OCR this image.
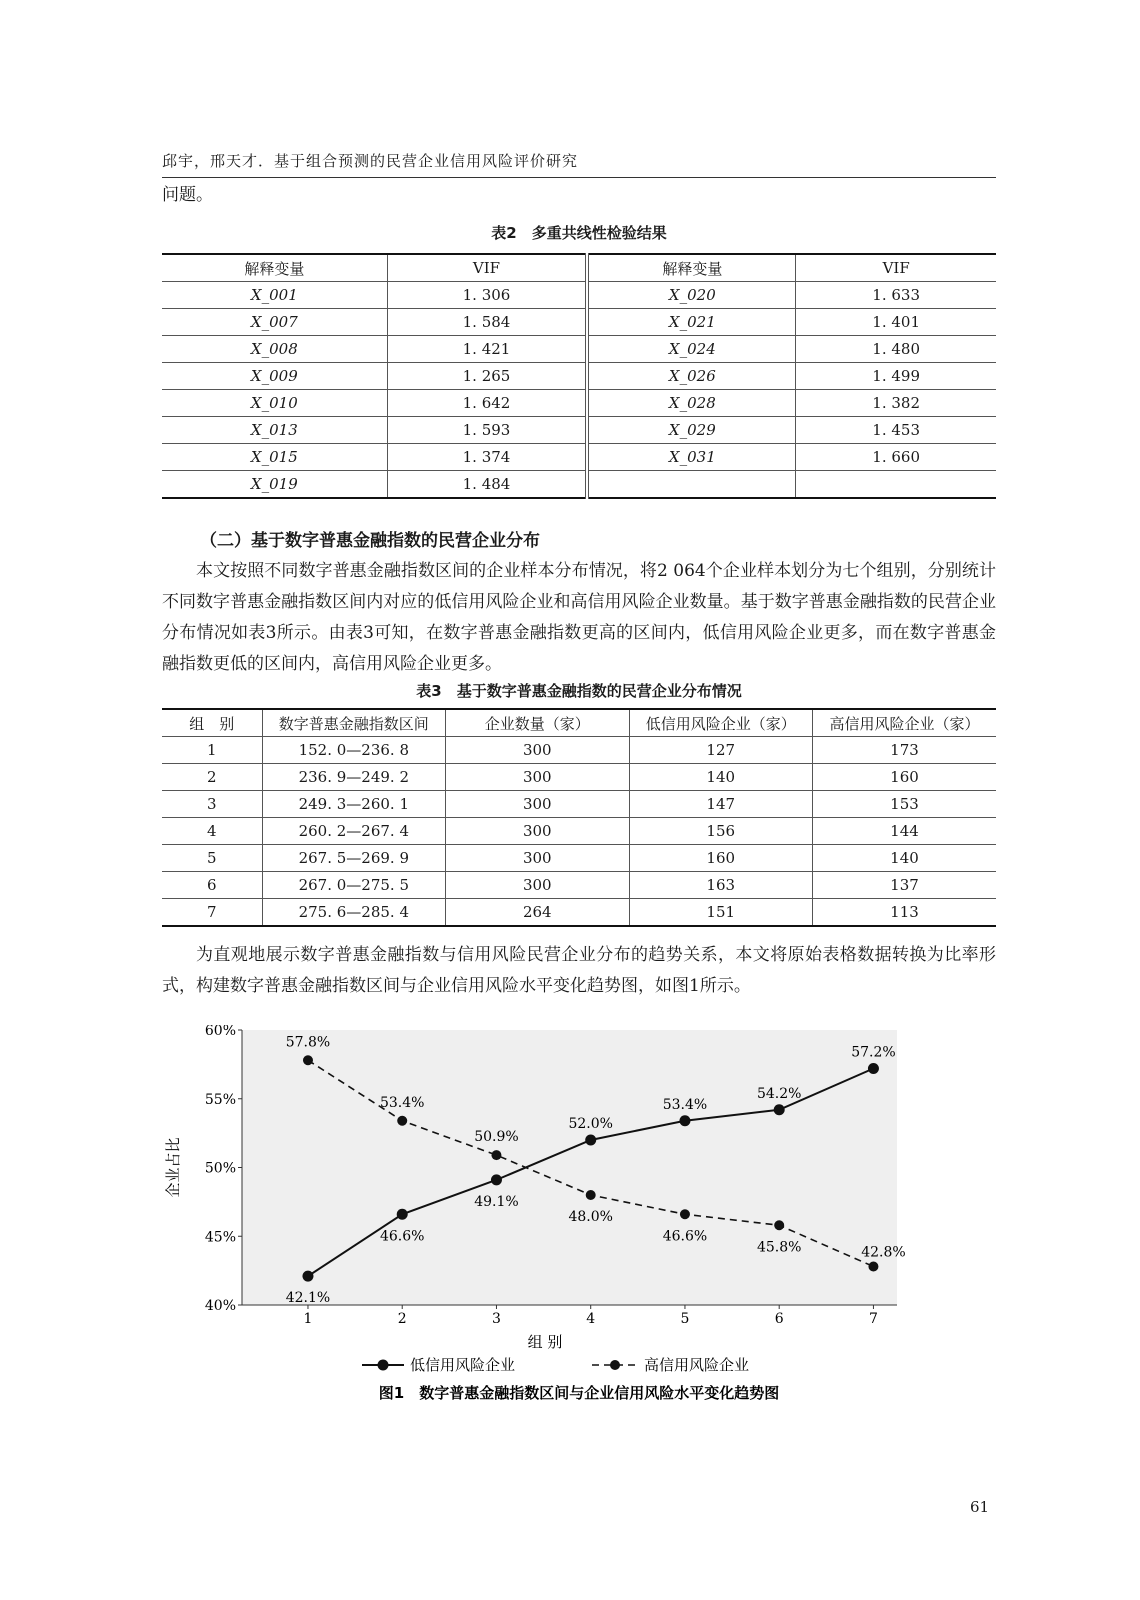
邱宇，邢天才．基于组合预测的民营企业信用风险评价研究
问题。
表2　多重共线性检验结果
解释变量	VIF	解释变量	VIF
X_001	1. 306	X_020	1. 633
X_007	1. 584	X_021	1. 401
X_008	1. 421	X_024	1. 480
X_009	1. 265	X_026	1. 499
X_010	1. 642	X_028	1. 382
X_013	1. 593	X_029	1. 453
X_015	1. 374	X_031	1. 660
X_019	1. 484		
（二）基于数字普惠金融指数的民营企业分布
本文按照不同数字普惠金融指数区间的企业样本分布情况，将2 064个企业样本划分为七个组别，分别统计不同数字普惠金融指数区间内对应的低信用风险企业和高信用风险企业数量。基于数字普惠金融指数的民营企业分布情况如表3所示。由表3可知，在数字普惠金融指数更高的区间内，低信用风险企业更多，而在数字普惠金融指数更低的区间内，高信用风险企业更多。
表3　基于数字普惠金融指数的民营企业分布情况
组　别	数字普惠金融指数区间	企业数量（家）	低信用风险企业（家）	高信用风险企业（家）
1	152. 0—236. 8	300	127	173
2	236. 9—249. 2	300	140	160
3	249. 3—260. 1	300	147	153
4	260. 2—267. 4	300	156	144
5	267. 5—269. 9	300	160	140
6	267. 0—275. 5	300	163	137
7	275. 6—285. 4	264	151	113
为直观地展示数字普惠金融指数与信用风险民营企业分布的趋势关系，本文将原始表格数据转换为比率形式，构建数字普惠金融指数区间与企业信用风险水平变化趋势图，如图1所示。
40%
45%
50%
55%
60%
1	2	3	4	5	6	7
组 别
企业占比
42.1%
46.6%
49.1%
52.0%
53.4%
54.2%
57.2%
57.8%
53.4%
50.9%
48.0%
46.6%
45.8%	42.8%
低信用风险企业	高信用风险企业
图1　数字普惠金融指数区间与企业信用风险水平变化趋势图
61
